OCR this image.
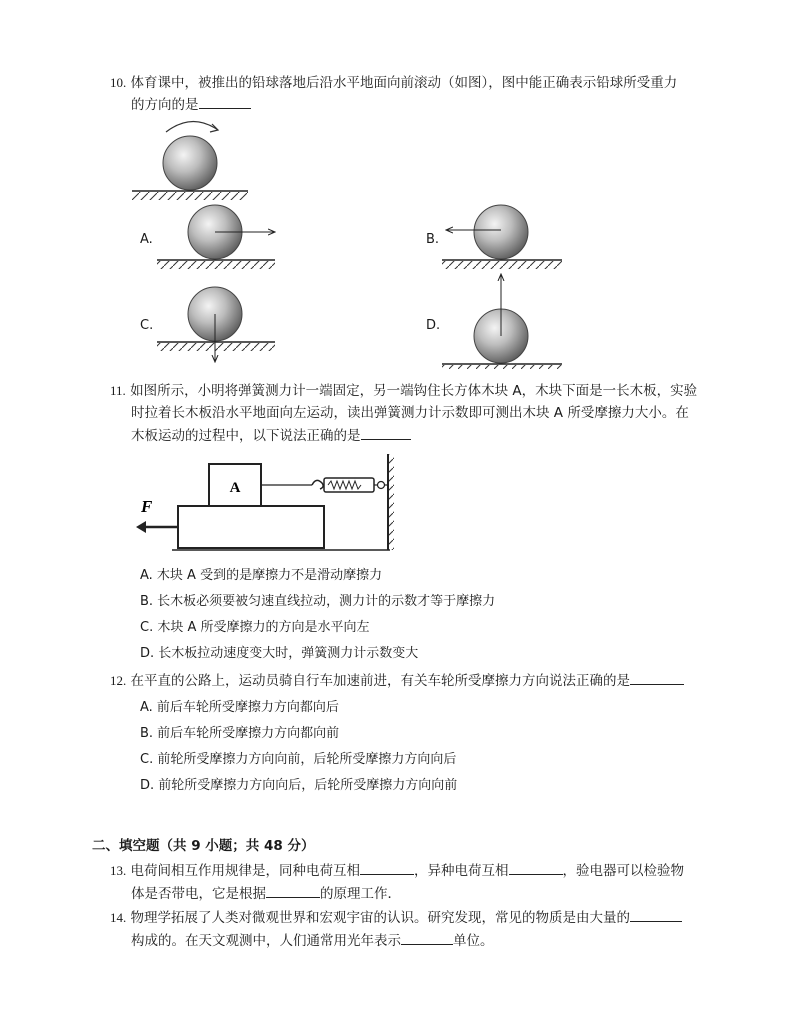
10. 体育课中，被推出的铅球落地后沿水平地面向前滚动（如图），图中能正确表示铅球所受重力
的方向的是
A.	B.
C.	D.
11. 如图所示，小明将弹簧测力计一端固定，另一端钩住长方体木块 A，木块下面是一长木板，实验
时拉着长木板沿水平地面向左运动，读出弹簧测力计示数即可测出木块 A 所受摩擦力大小。在
木板运动的过程中，以下说法正确的是
A
F
A. 木块 A 受到的是摩擦力不是滑动摩擦力
B. 长木板必须要被匀速直线拉动，测力计的示数才等于摩擦力
C. 木块 A 所受摩擦力的方向是水平向左
D. 长木板拉动速度变大时，弹簧测力计示数变大
12. 在平直的公路上，运动员骑自行车加速前进，有关车轮所受摩擦力方向说法正确的是
A. 前后车轮所受摩擦力方向都向后
B. 前后车轮所受摩擦力方向都向前
C. 前轮所受摩擦力方向向前，后轮所受摩擦力方向向后
D. 前轮所受摩擦力方向向后，后轮所受摩擦力方向向前
二、填空题（共 9 小题；共 48 分）
13. 电荷间相互作用规律是，同种电荷互相	，异种电荷互相	，验电器可以检验物
体是否带电，它是根据	的原理工作．
14. 物理学拓展了人类对微观世界和宏观宇宙的认识。研究发现，常见的物质是由大量的
构成的。在天文观测中，人们通常用光年表示	单位。
